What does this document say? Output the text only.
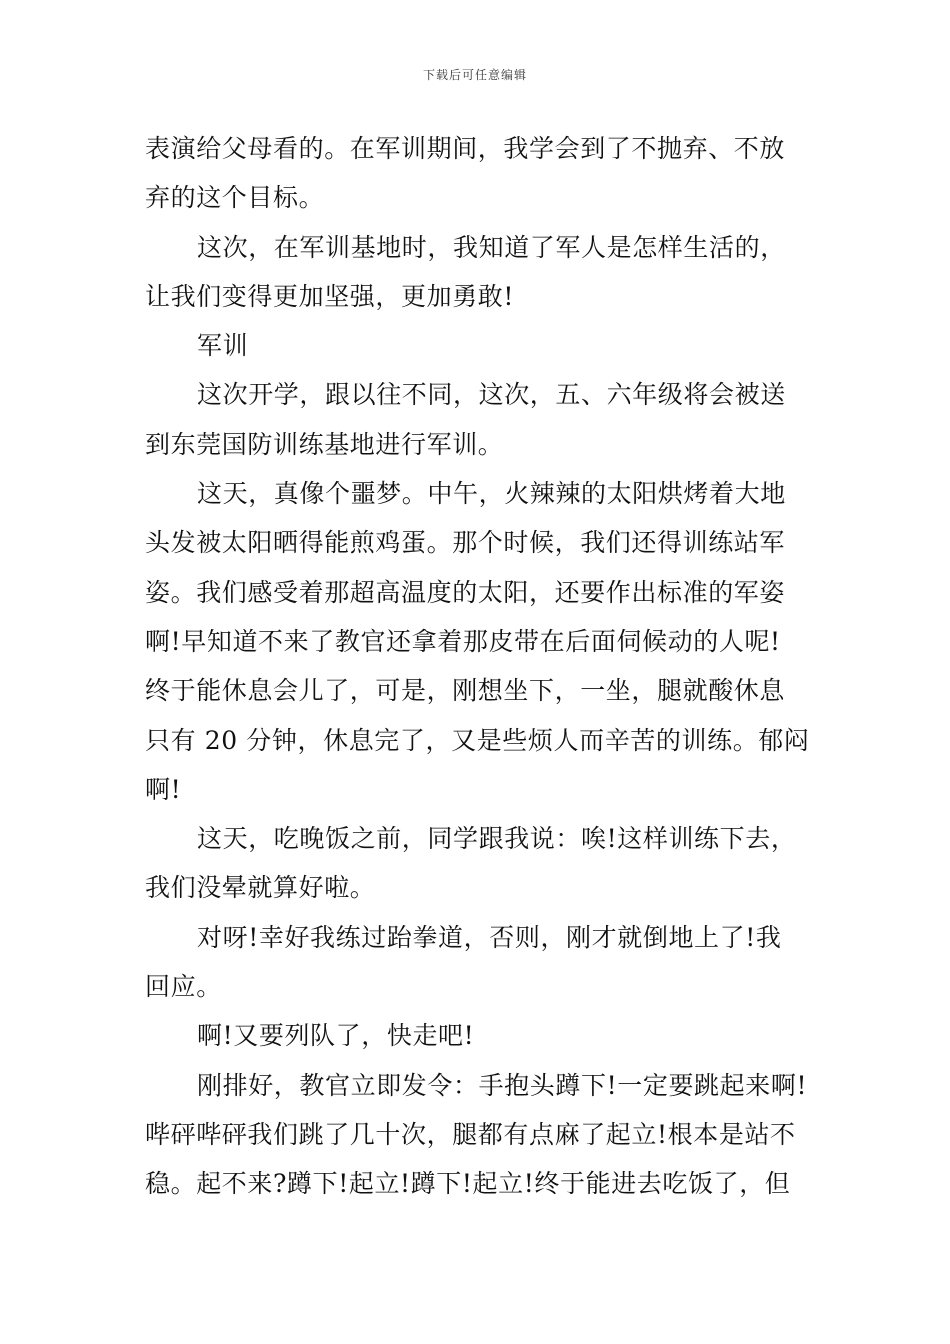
下载后可任意编辑
表演给父母看的。在军训期间，我学会到了不抛弃、不放
弃的这个目标。
这次，在军训基地时，我知道了军人是怎样生活的，
让我们变得更加坚强，更加勇敢!
军训
这次开学，跟以往不同，这次，五、六年级将会被送
到东莞国防训练基地进行军训。
这天，真像个噩梦。中午，火辣辣的太阳烘烤着大地
头发被太阳晒得能煎鸡蛋。那个时候，我们还得训练站军
姿。我们感受着那超高温度的太阳，还要作出标准的军姿
啊!早知道不来了教官还拿着那皮带在后面伺候动的人呢!
终于能休息会儿了，可是，刚想坐下，一坐，腿就酸休息
只有 20 分钟，休息完了，又是些烦人而辛苦的训练。郁闷
啊!
这天，吃晚饭之前，同学跟我说：唉!这样训练下去，
我们没晕就算好啦。
对呀!幸好我练过跆拳道，否则，刚才就倒地上了!我
回应。
啊!又要列队了，快走吧!
刚排好，教官立即发令：手抱头蹲下!一定要跳起来啊!
哔砰哔砰我们跳了几十次，腿都有点麻了起立!根本是站不
稳。起不来?蹲下!起立!蹲下!起立!终于能进去吃饭了，但
